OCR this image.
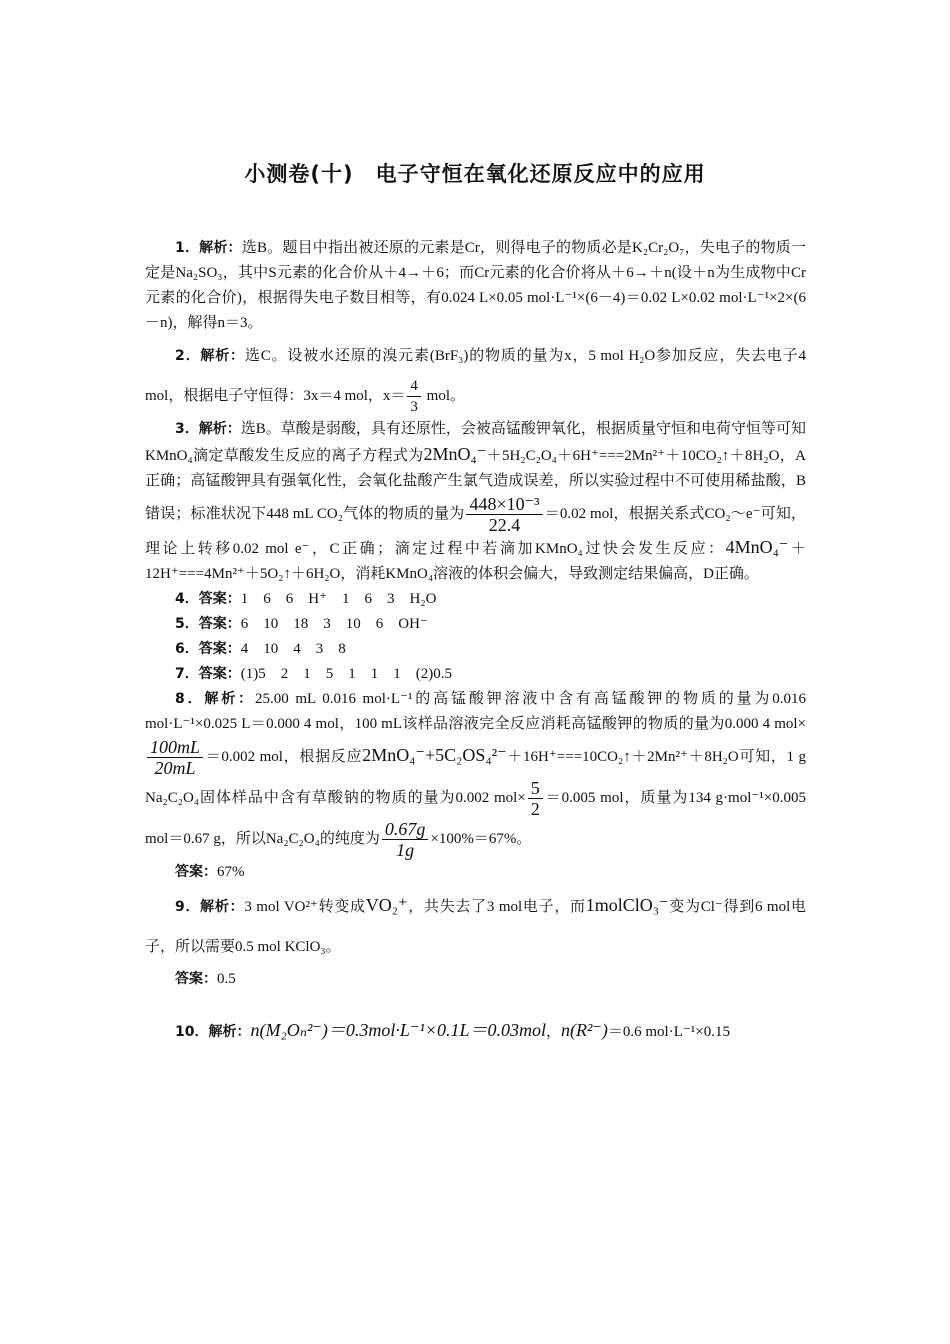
小测卷(十)　电子守恒在氧化还原反应中的应用

1．解析：选B。题目中指出被还原的元素是Cr，则得电子的物质必是K₂Cr₂O₇，失电子的物质一定是Na₂SO₃，其中S元素的化合价从＋4→＋6；而Cr元素的化合价将从＋6→＋n(设＋n为生成物中Cr元素的化合价)，根据得失电子数目相等，有0.024 L×0.05 mol·L⁻¹×(6－4)＝0.02 L×0.02 mol·L⁻¹×2×(6－n)，解得n＝3。

2．解析：选C。设被水还原的溴元素(BrF₃)的物质的量为x，5 mol H₂O参加反应，失去电子4 mol，根据电子守恒得：3x＝4 mol，$x= \frac{4}{3}$ mol。

3．解析：选B。草酸是弱酸，具有还原性，会被高锰酸钾氧化，根据质量守恒和电荷守恒等可知KMnO₄滴定草酸发生反应的离子方程式为2MnO₄⁻＋5H₂C₂O₄＋6H⁺===2Mn²⁺＋10CO₂↑＋8H₂O，A正确；高锰酸钾具有强氧化性，会氧化盐酸产生氯气造成误差，所以实验过程中不可使用稀盐酸，B错误；标准状况下448 mL CO₂气体的物质的量为 $\frac{\text{448×10⁻³}}{22.4} =0.02$ mol，根据关系式CO₂～e⁻可知，理论上转移0.02 mol e⁻，C正确；滴定过程中若滴加KMnO₄过快会发生反应：4MnO₄⁻＋12H⁺===4Mn²⁺＋5O₂↑＋6H₂O，消耗KMnO₄溶液的体积会偏大，导致测定结果偏高，D正确。

4．答案：1　6　6　H⁺　1　6　3　H₂O

5．答案：6　10　18　3　10　6　OH⁻

6．答案：4　10　4　3　8

7．答案：(1)5　2　1　5　1　1　1　(2)0.5

8．解析：25.00 mL 0.016 mol·L⁻¹的高锰酸钾溶液中含有高锰酸钾的物质的量为0.016 mol·L⁻¹×0.025 L＝0.000 4 mol，100 mL该样品溶液完全反应消耗高锰酸钾的物质的量为0.000 4 mol×
$\frac{100mL}{20mL} =0.002$ mol，根据反应2MnO₄⁻+5C₂OS₄²⁻＋16H⁺===10CO₂↑＋2Mn²⁺＋8H₂O可知，1 g Na₂C₂O₄固体样品中含有草酸钠的物质的量为0.002 $mol\times \frac{5}{2} =0.005$ mol，质量为134 g·mol⁻¹×0.005 mol＝0.67 g，所以Na₂C₂O₄的纯度为 $\frac{0.67g}{1g} \times 100\%=67\%$。

答案：67%

9．解析：3 mol VO²⁺转变成VO₂⁺，共失去了3 mol电子，而1molClO₃⁻变为Cl⁻得到6 mol电子，所以需要0.5 mol KClO₃。

答案：0.5

10．解析：n(M₂Oₙ²⁻)＝0.3mol·L⁻¹×0.1L＝0.03mol，n(R²⁻)＝0.6 mol·L⁻¹×0.15
